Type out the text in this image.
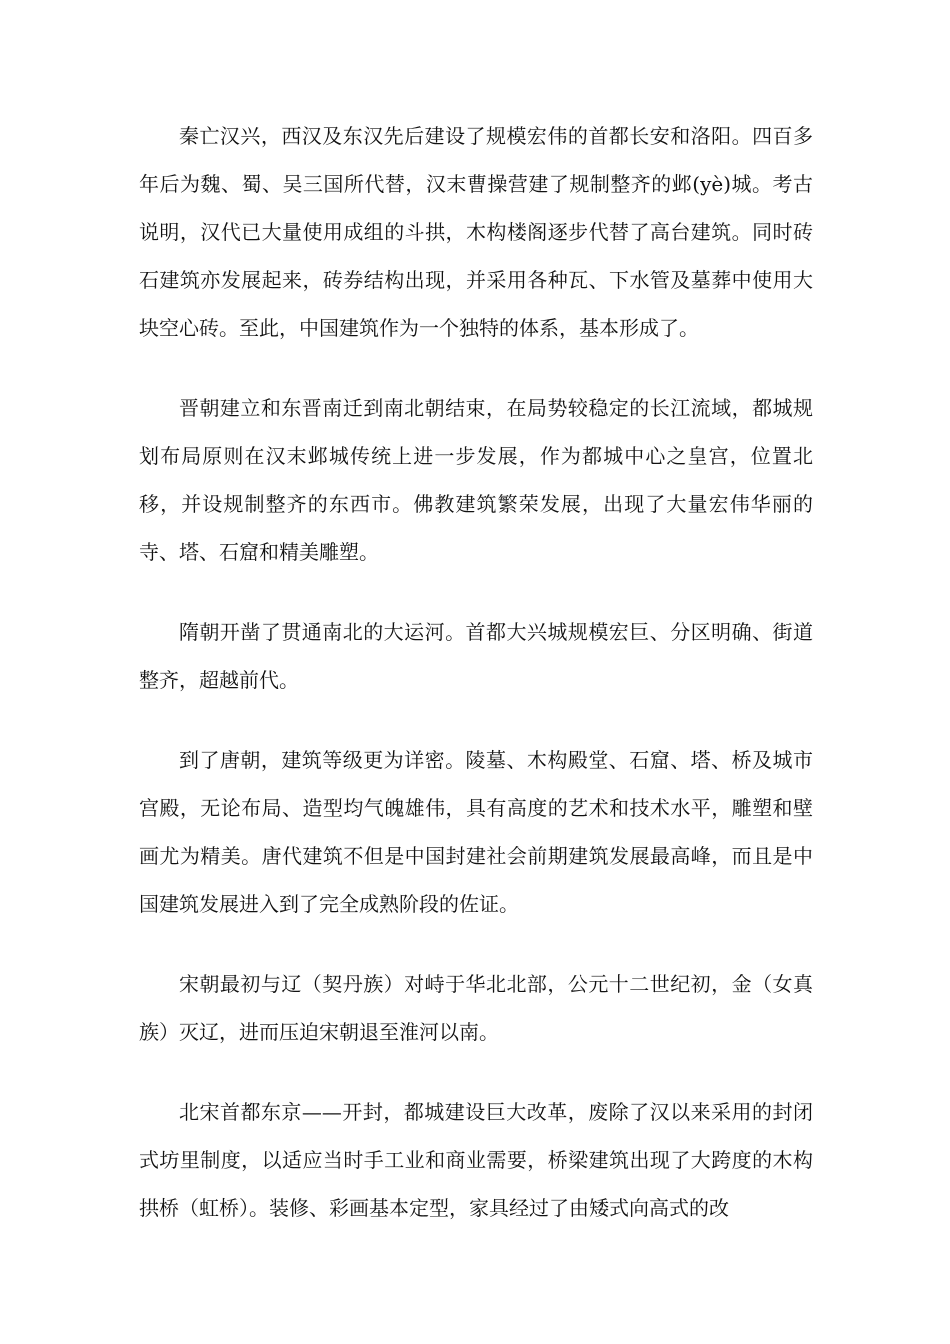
秦亡汉兴，西汉及东汉先后建设了规模宏伟的首都长安和洛阳。四百多年后为魏、蜀、吴三国所代替，汉末曹操营建了规制整齐的邺(yè)城。考古说明，汉代已大量使用成组的斗拱，木构楼阁逐步代替了高台建筑。同时砖石建筑亦发展起来，砖券结构出现，并采用各种瓦、下水管及墓葬中使用大块空心砖。至此，中国建筑作为一个独特的体系，基本形成了。

晋朝建立和东晋南迁到南北朝结束，在局势较稳定的长江流域，都城规划布局原则在汉末邺城传统上进一步发展，作为都城中心之皇宫，位置北移，并设规制整齐的东西市。佛教建筑繁荣发展，出现了大量宏伟华丽的寺、塔、石窟和精美雕塑。

隋朝开凿了贯通南北的大运河。首都大兴城规模宏巨、分区明确、街道整齐，超越前代。

到了唐朝，建筑等级更为详密。陵墓、木构殿堂、石窟、塔、桥及城市宫殿，无论布局、造型均气魄雄伟，具有高度的艺术和技术水平，雕塑和壁画尤为精美。唐代建筑不但是中国封建社会前期建筑发展最高峰，而且是中国建筑发展进入到了完全成熟阶段的佐证。

宋朝最初与辽（契丹族）对峙于华北北部，公元十二世纪初，金（女真族）灭辽，进而压迫宋朝退至淮河以南。

北宋首都东京——开封，都城建设巨大改革，废除了汉以来采用的封闭式坊里制度，以适应当时手工业和商业需要，桥梁建筑出现了大跨度的木构拱桥（虹桥）。装修、彩画基本定型，家具经过了由矮式向高式的改
